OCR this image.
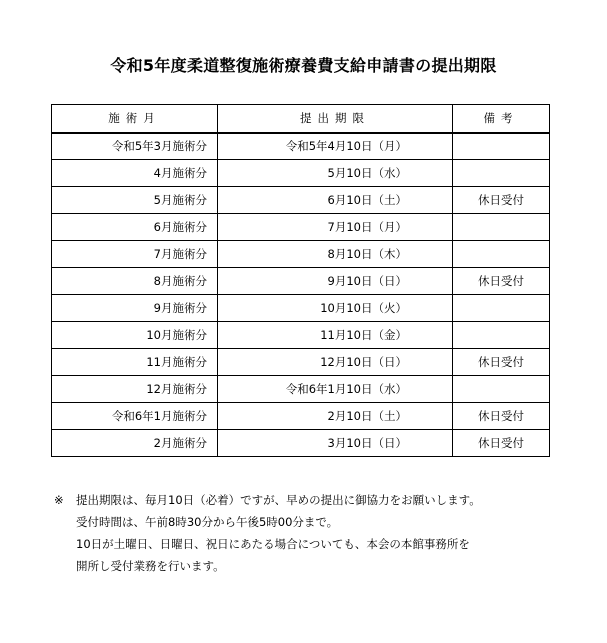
令和5年度柔道整復施術療養費支給申請書の提出期限
施術月	提出期限	備考
令和5年3月施術分	令和5年4月10日（月）	
4月施術分	5月10日（水）	
5月施術分	6月10日（土）	休日受付
6月施術分	7月10日（月）	
7月施術分	8月10日（木）	
8月施術分	9月10日（日）	休日受付
9月施術分	10月10日（火）	
10月施術分	11月10日（金）	
11月施術分	12月10日（日）	休日受付
12月施術分	令和6年1月10日（水）	
令和6年1月施術分	2月10日（土）	休日受付
2月施術分	3月10日（日）	休日受付
※ 提出期限は、毎月10日（必着）ですが、早めの提出に御協力をお願いします。
受付時間は、午前8時30分から午後5時00分まで。
10日が土曜日、日曜日、祝日にあたる場合についても、本会の本館事務所を
開所し受付業務を行います。
